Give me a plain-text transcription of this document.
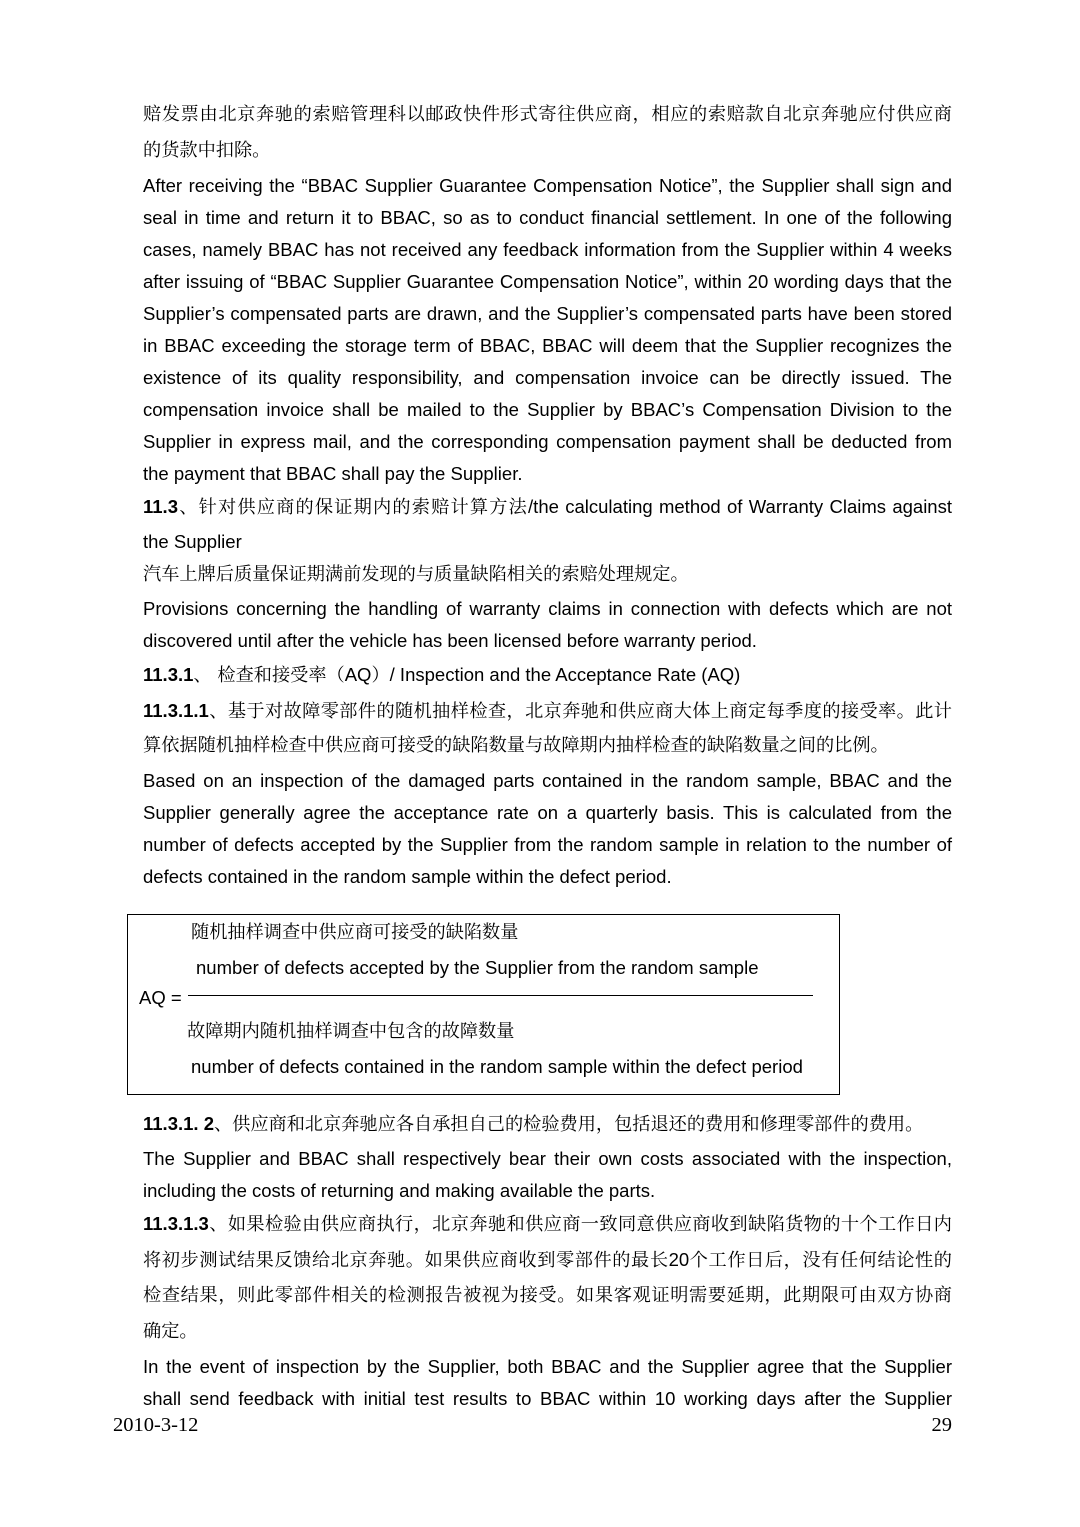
赔发票由北京奔驰的索赔管理科以邮政快件形式寄往供应商，相应的索赔款自北京奔驰应付供应商
的货款中扣除。
After receiving the “BBAC Supplier Guarantee Compensation Notice”, the Supplier shall sign and
seal in time and return it to BBAC, so as to conduct financial settlement. In one of the following
cases, namely BBAC has not received any feedback information from the Supplier within 4 weeks
after issuing of “BBAC Supplier Guarantee Compensation Notice”, within 20 wording days that the
Supplier’s compensated parts are drawn, and the Supplier’s compensated parts have been stored
in BBAC exceeding the storage term of BBAC, BBAC will deem that the Supplier recognizes the
existence of its quality responsibility, and compensation invoice can be directly issued. The
compensation invoice shall be mailed to the Supplier by BBAC’s Compensation Division to the
Supplier in express mail, and the corresponding compensation payment shall be deducted from
the payment that BBAC shall pay the Supplier.
11.3、针对供应商的保证期内的索赔计算方法/the calculating method of Warranty Claims against
the Supplier
汽车上牌后质量保证期满前发现的与质量缺陷相关的索赔处理规定。
Provisions concerning the handling of warranty claims in connection with defects which are not
discovered until after the vehicle has been licensed before warranty period.
11.3.1、 检查和接受率（AQ）/ Inspection and the Acceptance Rate (AQ)
11.3.1.1、基于对故障零部件的随机抽样检查，北京奔驰和供应商大体上商定每季度的接受率。此计
算依据随机抽样检查中供应商可接受的缺陷数量与故障期内抽样检查的缺陷数量之间的比例。
Based on an inspection of the damaged parts contained in the random sample, BBAC and the
Supplier generally agree the acceptance rate on a quarterly basis. This is calculated from the
number of defects accepted by the Supplier from the random sample in relation to the number of
defects contained in the random sample within the defect period.
随机抽样调查中供应商可接受的缺陷数量
number of defects accepted by the Supplier from the random sample
AQ =
故障期内随机抽样调查中包含的故障数量
number of defects contained in the random sample within the defect period
11.3.1. 2、供应商和北京奔驰应各自承担自己的检验费用，包括退还的费用和修理零部件的费用。
The Supplier and BBAC shall respectively bear their own costs associated with the inspection,
including the costs of returning and making available the parts.
11.3.1.3、如果检验由供应商执行，北京奔驰和供应商一致同意供应商收到缺陷货物的十个工作日内
将初步测试结果反馈给北京奔驰。如果供应商收到零部件的最长20个工作日后，没有任何结论性的
检查结果，则此零部件相关的检测报告被视为接受。如果客观证明需要延期，此期限可由双方协商
确定。
In the event of inspection by the Supplier, both BBAC and the Supplier agree that the Supplier
shall send feedback with initial test results to BBAC within 10 working days after the Supplier
2010-3-12	29
